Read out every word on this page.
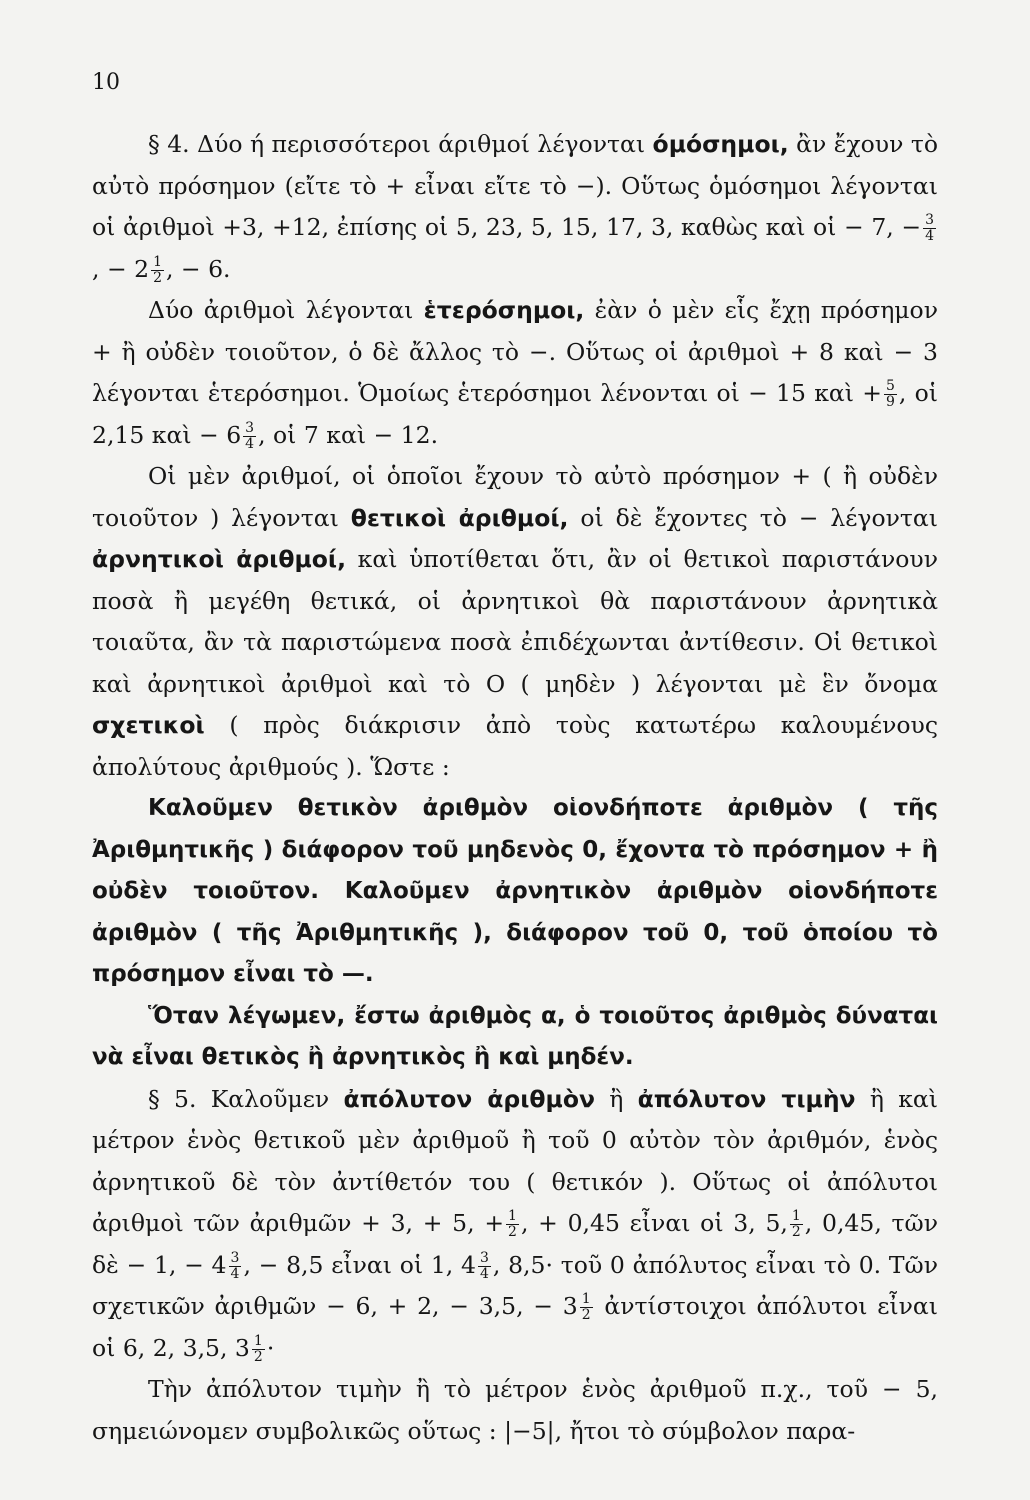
10

§ 4. Δύο ή περισσότεροι άριθμοί λέγονται όμόσημοι, ἂν ἔχουν τὸ αὐτὸ πρόσημον (εἴτε τὸ + εἶναι εἴτε τὸ −). Οὕτως ὁμόσημοι λέγονται οἱ ἀριθμοὶ +3, +12, ἐπίσης οἱ 5, 23, 5, 15, 17, 3, καθὼς καὶ οἱ − 7, − $\frac{3}{4}$
, − $2 \frac{1}{2}$ , − 6.

Δύο ἀριθμοὶ λέγονται ἑτερόσημοι, ἐὰν ὁ μὲν εἷς ἔχῃ πρόσημον + ἢ οὐδὲν τοιοῦτον, ὁ δὲ ἄλλος τὸ −. Οὕτως οἱ ἀριθμοὶ + 8 καὶ − 3 λέγονται ἑτερόσημοι. Ὁμοίως ἑτερόσημοι λένονται οἱ − 15 καὶ + $\frac{5}{9}$ , οἱ 2,15 καὶ − $6 \frac{3}{4}$ , οἱ 7 καὶ − 12.

Οἱ μὲν ἀριθμοί, οἱ ὁποῖοι ἔχουν τὸ αὐτὸ πρόσημον + ( ἢ οὐδὲν τοιοῦτον ) λέγονται θετικοὶ ἀριθμοί, οἱ δὲ ἔχοντες τὸ − λέγονται ἀρνητικοὶ ἀριθμοί, καὶ ὑποτίθεται ὅτι, ἂν οἱ θετικοὶ παριστάνουν ποσὰ ἢ μεγέθη θετικά, οἱ ἀρνητικοὶ θὰ παριστάνουν ἀρνητικὰ τοιαῦτα, ἂν τὰ παριστώμενα ποσὰ ἐπιδέχωνται ἀντίθεσιν. Οἱ θετικοὶ καὶ ἀρνητικοὶ ἀριθμοὶ καὶ τὸ Ο ( μηδὲν ) λέγονται μὲ ἓν ὄνομα σχετικοὶ ( πρὸς διάκρισιν ἀπὸ τοὺς κατωτέρω καλουμένους ἀπολύτους ἀριθμούς ). Ὥστε :

Καλοῦμεν θετικὸν ἀριθμὸν οἱονδήποτε ἀριθμὸν ( τῆς Ἀριθμητικῆς ) διάφορον τοῦ μηδενὸς 0, ἔχοντα τὸ πρόσημον + ἢ οὐδὲν τοιοῦτον. Καλοῦμεν ἀρνητικὸν ἀριθμὸν οἱονδήποτε ἀριθμὸν ( τῆς Ἀριθμητικῆς ), διάφορον τοῦ 0, τοῦ ὁποίου τὸ πρόσημον εἶναι τὸ —.

Ὅταν λέγωμεν, ἔστω ἀριθμὸς α, ὁ τοιοῦτος ἀριθμὸς δύναται νὰ εἶναι θετικὸς ἢ ἀρνητικὸς ἢ καὶ μηδέν.

§ 5. Καλοῦμεν ἀπόλυτον ἀριθμὸν ἢ ἀπόλυτον τιμὴν ἢ καὶ μέτρον ἑνὸς θετικοῦ μὲν ἀριθμοῦ ἢ τοῦ 0 αὐτὸν τὸν ἀριθμόν, ἑνὸς ἀρνητικοῦ δὲ τὸν ἀντίθετόν του ( θετικόν ). Οὕτως οἱ ἀπόλυτοι ἀριθμοὶ τῶν ἀριθμῶν + 3, + 5, + $\frac{1}{2}$ , + 0,45 εἶναι οἱ 3, 5, $\frac{1}{2}$ , 0,45, τῶν δὲ − 1, − $4 \frac{3}{4}$ , − 8,5 εἶναι οἱ 1, $4 \frac{3}{4}$ , 8,5· τοῦ 0 ἀπόλυτος εἶναι τὸ 0. Τῶν σχετικῶν ἀριθμῶν − 6, + 2, − 3,5, − $3 \frac{1}{2}$ ἀντίστοιχοι ἀπόλυτοι εἶναι οἱ 6, 2, 3,5, $3 \frac{1}{2}$ ·

Τὴν ἀπόλυτον τιμὴν ἢ τὸ μέτρον ἑνὸς ἀριθμοῦ π.χ., τοῦ − 5, σημειώνομεν συμβολικῶς οὕτως : |−5|, ἤτοι τὸ σύμβολον παρα-
